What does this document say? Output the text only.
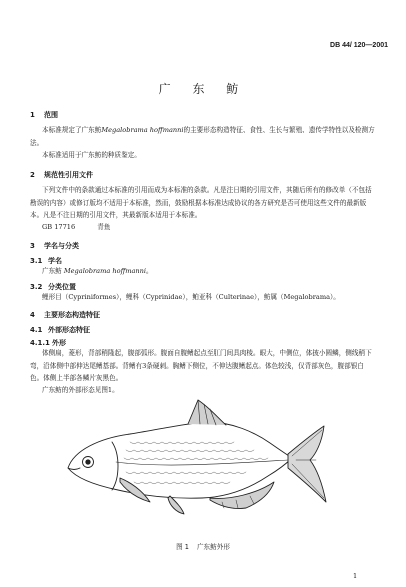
DB 44/ 120—2001
广 东 鲂
1 范围
本标准规定了广东鲂Megalobrama hoffmanni的主要形态构造特征、食性、生长与繁殖、遗传学特性以及检测方法。
本标准适用于广东鲂的种质鉴定。
2 规范性引用文件
下列文件中的条款通过本标准的引用而成为本标准的条款。凡是注日期的引用文件，其随后所有的修改单（不包括勘误的内容）或修订版均不适用于本标准，然而，鼓励根据本标准达成协议的各方研究是否可使用这些文件的最新版本。凡是不注日期的引用文件，其最新版本适用于本标准。
GB 17716	青鱼
3 学名与分类
3.1 学名
广东鲂 Megalobrama hoffmanni。
3.2 分类位置
鲤形目（Cypriniformes），鲤科（Cyprinidae），鲌亚科（Culterinae），鲂属（Megalobrama）。
4 主要形态构造特征
4.1 外部形态特征
4.1.1 外形
体侧扁，菱形，背部稍隆起，腹部弧形。腹面自腹鳍起点至肛门间具肉棱。眼大，中侧位，体披小圆鳞，侧线稍下弯，沿体侧中部伸达尾鳍基部。背鳍有3条硬刺。胸鳍下侧位，不伸达腹鳍起点。体色较浅，仅背部灰色，腹部银白色。体侧上半部各鳞片灰黑色。
广东鲂的外部形态见图1。
图 1 广东鲂外形
1
